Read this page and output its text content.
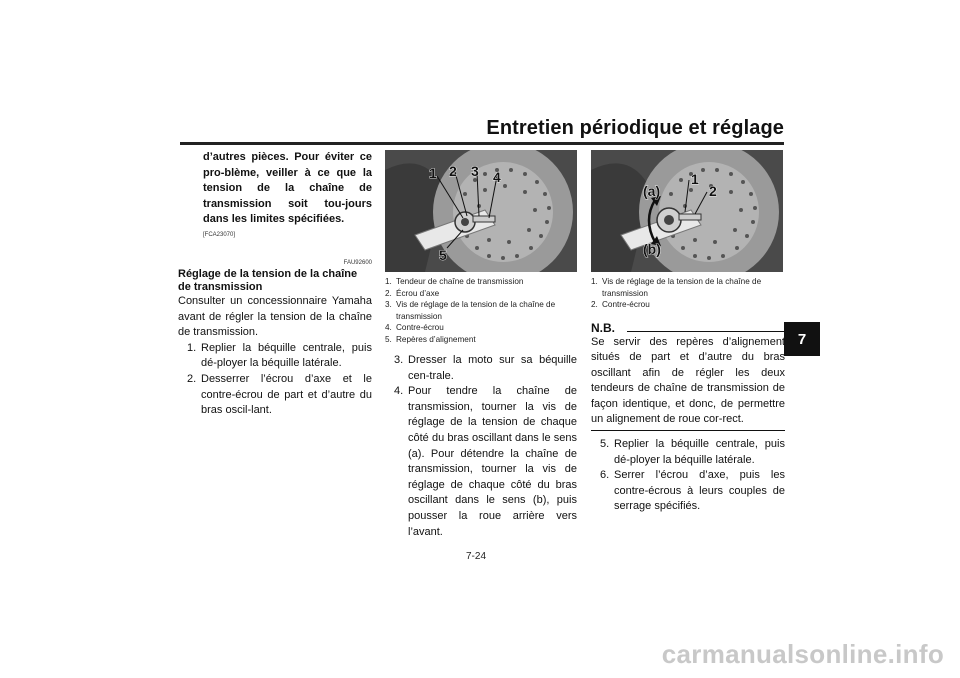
Entretien périodique et réglage
7
d’autres pièces. Pour éviter ce pro-blème, veiller à ce que la tension de la chaîne de transmission soit tou-jours dans les limites spécifiées.
[FCA23070]
FAU92600
Réglage de la tension de la chaîne de transmission
Consulter un concessionnaire Yamaha avant de régler la tension de la chaîne de transmission.
1. Replier la béquille centrale, puis dé-ployer la béquille latérale.
2. Desserrer l’écrou d’axe et le contre-écrou de part et d’autre du bras oscil-lant.
1 2 3 4
5
1. Tendeur de chaîne de transmission
2. Écrou d’axe
3. Vis de réglage de la tension de la chaîne de transmission
4. Contre-écrou
5. Repères d’alignement
3. Dresser la moto sur sa béquille cen-trale.
4. Pour tendre la chaîne de transmission, tourner la vis de réglage de la tension de chaque côté du bras oscillant dans le sens (a). Pour détendre la chaîne de transmission, tourner la vis de réglage de chaque côté du bras oscillant dans le sens (b), puis pousser la roue arrière vers l’avant.
(a)
(b)
1
2
1. Vis de réglage de la tension de la chaîne de transmission
2. Contre-écrou
N.B.
Se servir des repères d’alignement situés de part et d’autre du bras oscillant afin de régler les deux tendeurs de chaîne de transmission de façon identique, et donc, de permettre un alignement de roue cor-rect.
5. Replier la béquille centrale, puis dé-ployer la béquille latérale.
6. Serrer l’écrou d’axe, puis les contre-écrous à leurs couples de serrage spécifiés.
7-24
carmanualsonline.info
